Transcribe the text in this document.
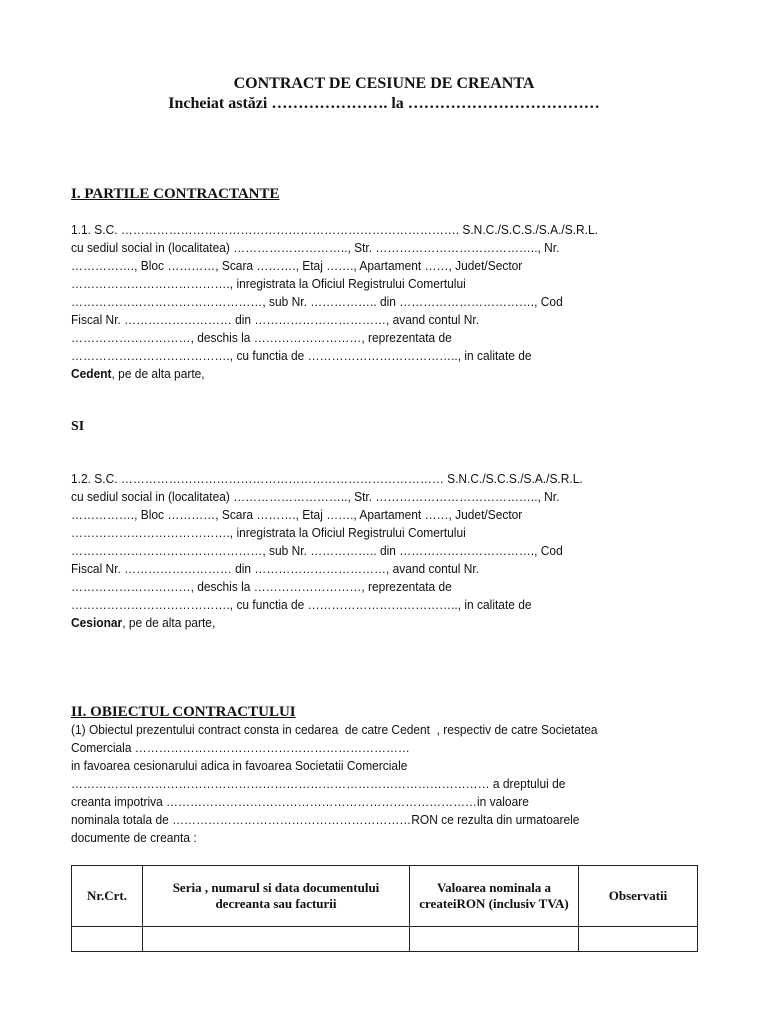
CONTRACT DE CESIUNE DE CREANTA
Incheiat astăzi …………………. la ………………………………
I. PARTILE CONTRACTANTE
1.1. S.C. …………………………………………………………………………. S.N.C./S.C.S./S.A./S.R.L.
cu sediul social in (localitatea) ……………………….., Str. ………………………………….., Nr.
……………., Bloc …………, Scara ………., Etaj ……., Apartament ……, Judet/Sector
…………………………………., inregistrata la Oficiul Registrului Comertului
…………………………………………, sub Nr. …………….. din ……………………………., Cod
Fiscal Nr. ……………………… din ……………………………, avand contul Nr.
…………………………, deschis la ………………………, reprezentata de
…………………………………., cu functia de ……………………………….., in calitate de
Cedent, pe de alta parte,
SI
1.2. S.C. ……………………………………………………………………… S.N.C./S.C.S./S.A./S.R.L.
cu sediul social in (localitatea) ……………………….., Str. ………………………………….., Nr.
……………., Bloc …………, Scara ………., Etaj ……., Apartament ……, Judet/Sector
…………………………………., inregistrata la Oficiul Registrului Comertului
…………………………………………, sub Nr. …………….. din ……………………………., Cod
Fiscal Nr. ……………………… din ……………………………, avand contul Nr.
…………………………, deschis la ………………………, reprezentata de
…………………………………., cu functia de ……………………………….., in calitate de
Cesionar, pe de alta parte,
II. OBIECTUL CONTRACTULUI
(1) Obiectul prezentului contract consta in cedarea  de catre Cedent  , respectiv de catre Societatea
Comerciala ……………………………………………………………
in favoarea cesionarului adica in favoarea Societatii Comerciale
…………………………………………………………………………………………… a dreptului de
creanta impotriva ……………………………………………………………………in valoare
nominala totala de ……………………………………………………RON ce rezulta din urmatoarele
documente de creanta :
Nr.Crt.	Seria , numarul si data documentului decreanta sau facturii	Valoarea nominala a createiRON (inclusiv TVA)	Observatii
